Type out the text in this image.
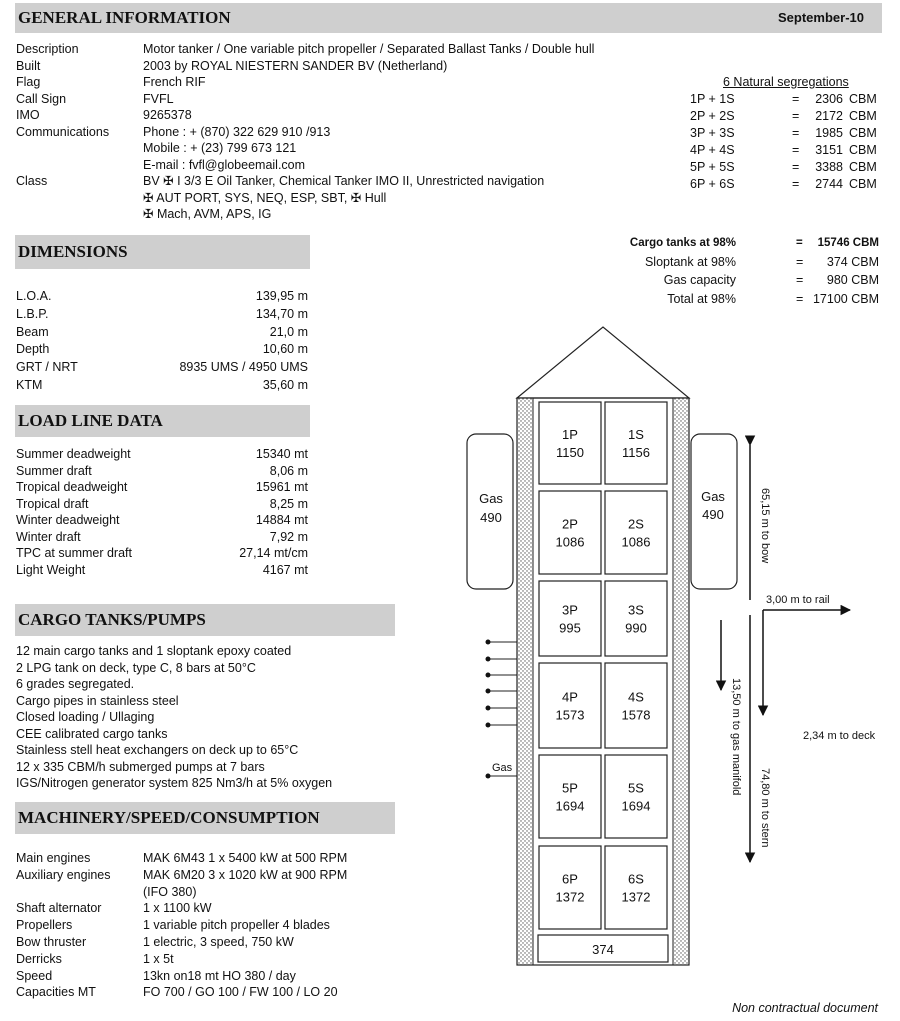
GENERAL INFORMATION	September-10
Description	Motor tanker / One variable pitch propeller / Separated Ballast Tanks / Double hull
Built	2003 by ROYAL NIESTERN SANDER BV (Netherland)
Flag	French RIF
Call Sign	FVFL
IMO	9265378
Communications	Phone : + (870) 322 629 910 /913
Mobile : + (23) 799 673 121
E-mail : fvfl@globeemail.com
Class	BV ✠ I 3/3 E Oil Tanker, Chemical Tanker IMO II, Unrestricted navigation
✠ AUT PORT, SYS, NEQ, ESP, SBT, ✠ Hull
✠ Mach, AVM, APS, IG
6 Natural segregations
1P + 1S	= 2306 CBM
2P + 2S	= 2172 CBM
3P + 3S	= 1985 CBM
4P + 4S	= 3151 CBM
5P + 5S	= 3388 CBM
6P + 6S	= 2744 CBM
Cargo tanks at 98%	= 15746 CBM
Sloptank at 98%	= 374 CBM
Gas capacity	= 980 CBM
Total at 98%	= 17100 CBM
DIMENSIONS
L.O.A.	139,95 m
L.B.P.	134,70 m
Beam	21,0 m
Depth	10,60 m
GRT / NRT	8935 UMS / 4950 UMS
KTM	35,60 m
LOAD LINE DATA
Summer deadweight	15340 mt
Summer draft	8,06 m
Tropical deadweight	15961 mt
Tropical draft	8,25 m
Winter deadweight	14884 mt
Winter draft	7,92 m
TPC at summer draft	27,14 mt/cm
Light Weight	4167 mt
CARGO TANKS/PUMPS
12 main cargo tanks and 1 sloptank epoxy coated
2 LPG tank on deck, type C, 8 bars at 50°C
6 grades segregated.
Cargo pipes in stainless steel
Closed loading / Ullaging
CEE calibrated cargo tanks
Stainless stell heat exchangers on deck up to 65°C
12 x 335 CBM/h submerged pumps at 7 bars
IGS/Nitrogen generator system 825 Nm3/h at 5% oxygen
MACHINERY/SPEED/CONSUMPTION
Main engines	MAK 6M43 1 x 5400 kW at 500 RPM
Auxiliary engines	MAK 6M20 3 x 1020 kW at 900 RPM
(IFO 380)
Shaft alternator	1 x 1100 kW
Propellers	1 variable pitch propeller 4 blades
Bow thruster	1 electric, 3 speed, 750 kW
Derricks	1 x 5t
Speed	13kn on18 mt HO 380 / day
Capacities MT	FO 700 / GO 100 / FW 100 / LO 20
1P
1150
1S
1156
2P
1086
2S
1086
3P
995
3S
990
4P
1573
4S
1578
5P
1694
5S
1694
6P
1372
6S
1372
374
Gas
490
Gas
490
Gas
65,15 m to bow
3,00 m to rail
13,50 m to gas manifold	2,34 m to deck
74,80 m to stern
Non contractual document
